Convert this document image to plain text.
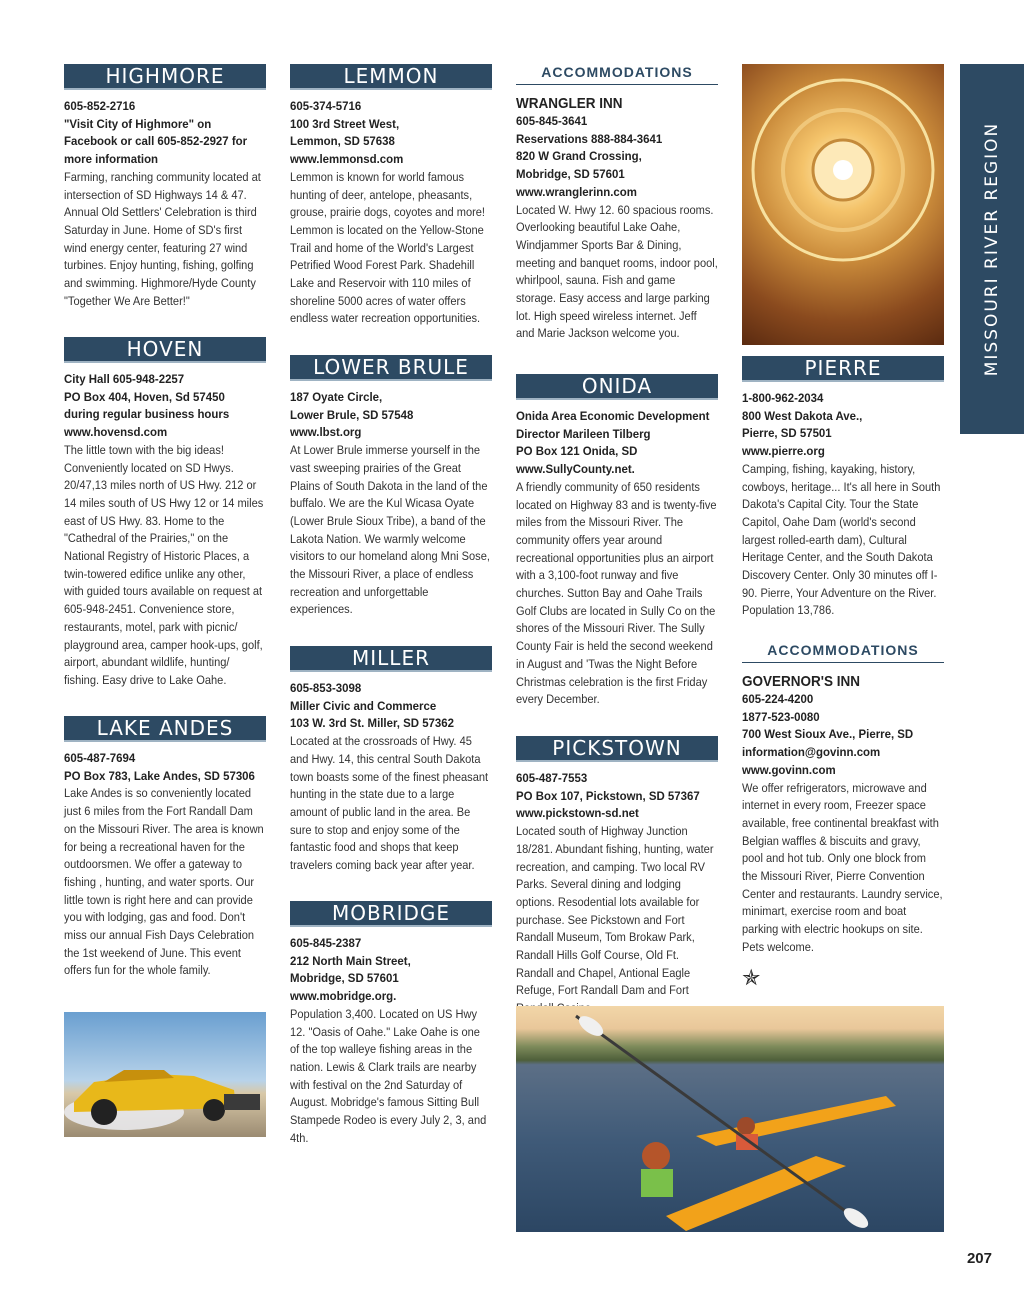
MISSOURI RIVER REGION
HIGHMORE
605-852-2716
"Visit City of Highmore" on Facebook or call 605-852-2927 for more information
Farming, ranching community located at intersection of SD Highways 14 & 47. Annual Old Settlers' Celebration is third Saturday in June. Home of SD's first wind energy center, featuring 27 wind turbines. Enjoy hunting, fishing, golfing and swimming. Highmore/Hyde County "Together We Are Better!"
HOVEN
City Hall 605-948-2257
PO Box 404, Hoven, Sd 57450
during regular business hours
www.hovensd.com
The little town with the big ideas! Conveniently located on SD Hwys. 20/47,13 miles north of US Hwy. 212 or 14 miles south of US Hwy 12 or 14 miles east of US Hwy. 83. Home to the "Cathedral of the Prairies," on the National Registry of Historic Places, a twin-towered edifice unlike any other, with guided tours available on request at 605-948-2451. Convenience store, restaurants, motel, park with picnic/ playground area, camper hook-ups, golf, airport, abundant wildlife, hunting/ fishing. Easy drive to Lake Oahe.
LAKE ANDES
605-487-7694
PO Box 783, Lake Andes, SD 57306
Lake Andes is so conveniently located just 6 miles from the Fort Randall Dam on the Missouri River. The area is known for being a recreational haven for the outdoorsmen. We offer a gateway to fishing , hunting, and water sports. Our little town is right here and can provide you with lodging, gas and food. Don't miss our annual Fish Days Celebration the 1st weekend of June. This event offers fun for the whole family.
LEMMON
605-374-5716
100 3rd Street West,
Lemmon, SD 57638
www.lemmonsd.com
Lemmon is known for world famous hunting of deer, antelope, pheasants, grouse, prairie dogs, coyotes and more! Lemmon is located on the Yellow-Stone Trail and home of the World's Largest Petrified Wood Forest Park. Shadehill Lake and Reservoir with 110 miles of shoreline 5000 acres of water offers endless water recreation opportunities.
LOWER BRULE
187 Oyate Circle,
Lower Brule, SD 57548
www.lbst.org
At Lower Brule immerse yourself in the vast sweeping prairies of the Great Plains of South Dakota in the land of the buffalo. We are the Kul Wicasa Oyate (Lower Brule Sioux Tribe), a band of the Lakota Nation. We warmly welcome visitors to our homeland along Mni Sose, the Missouri River, a place of endless recreation and unforgettable experiences.
MILLER
605-853-3098
Miller Civic and Commerce
103 W. 3rd St. Miller, SD 57362
Located at the crossroads of Hwy. 45 and Hwy. 14, this central South Dakota town boasts some of the finest pheasant hunting in the state due to a large amount of public land in the area. Be sure to stop and enjoy some of the fantastic food and shops that keep travelers coming back year after year.
MOBRIDGE
605-845-2387
212 North Main Street,
Mobridge, SD 57601
www.mobridge.org.
Population 3,400. Located on US Hwy 12. "Oasis of Oahe." Lake Oahe is one of the top walleye fishing areas in the nation. Lewis & Clark trails are nearby with festival on the 2nd Saturday of August. Mobridge's famous Sitting Bull Stampede Rodeo is every July 2, 3, and 4th.
ACCOMMODATIONS
WRANGLER INN
605-845-3641
Reservations 888-884-3641
820 W Grand Crossing,
Mobridge, SD 57601
www.wranglerinn.com
Located W. Hwy 12. 60 spacious rooms. Overlooking beautiful Lake Oahe, Windjammer Sports Bar & Dining, meeting and banquet rooms, indoor pool, whirlpool, sauna. Fish and game storage. Easy access and large parking lot. High speed wireless internet. Jeff and Marie Jackson welcome you.
ONIDA
Onida Area Economic Development
Director Marileen Tilberg
PO Box 121 Onida, SD
www.SullyCounty.net.
A friendly community of 650 residents located on Highway 83 and is twenty-five miles from the Missouri River. The community offers year around recreational opportunities plus an airport with a 3,100-foot runway and five churches. Sutton Bay and Oahe Trails Golf Clubs are located in Sully Co on the shores of the Missouri River. The Sully County Fair is held the second weekend in August and 'Twas the Night Before Christmas celebration is the first Friday every December.
PICKSTOWN
605-487-7553
PO Box 107, Pickstown, SD 57367
www.pickstown-sd.net
Located south of Highway Junction 18/281. Abundant fishing, hunting, water recreation, and camping. Two local RV Parks. Several dining and lodging options. Resodential lots available for purchase. See Pickstown and Fort Randall Museum, Tom Brokaw Park, Randall Hills Golf Course, Old Ft. Randall and Chapel, Antional Eagle Refuge, Fort Randall Dam and Fort
PIERRE
1-800-962-2034
800 West Dakota Ave.,
Pierre, SD 57501
www.pierre.org
Camping, fishing, kayaking, history, cowboys, heritage... It's all here in South Dakota's Capital City. Tour the State Capitol, Oahe Dam (world's second largest rolled-earth dam), Cultural Heritage Center, and the South Dakota Discovery Center. Only 30 minutes off I-90. Pierre, Your Adventure on the River. Population 13,786.
ACCOMMODATIONS
GOVERNOR'S INN
605-224-4200
1877-523-0080
700 West Sioux Ave., Pierre, SD
information@govinn.com
www.govinn.com
We offer refrigerators, microwave and internet in every room, Freezer space available, free continental breakfast with Belgian waffles & biscuits and gravy, pool and hot tub. Only one block from the Missouri River, Pierre Convention Center and restaurants. Laundry service, minimart, exercise room and boat parking with electric hookups on site. Pets welcome.
✯
207
